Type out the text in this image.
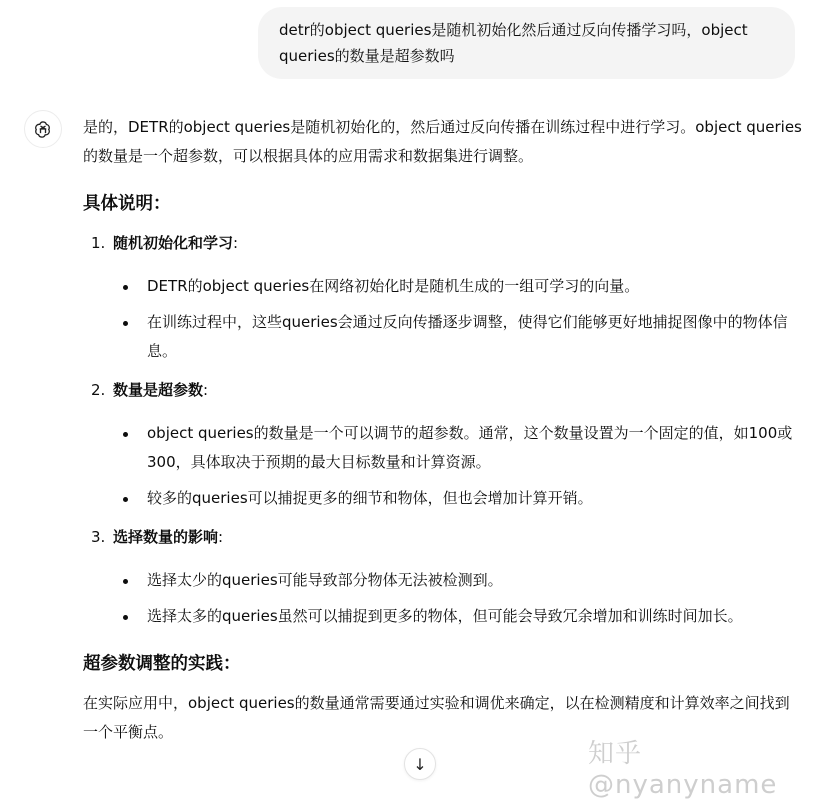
detr的object queries是随机初始化然后通过反向传播学习吗，object queries的数量是超参数吗

是的，DETR的object queries是随机初始化的，然后通过反向传播在训练过程中进行学习。object queries的数量是一个超参数，可以根据具体的应用需求和数据集进行调整。

具体说明：
1. 随机初始化和学习:
DETR的object queries在网络初始化时是随机生成的一组可学习的向量。
在训练过程中，这些queries会通过反向传播逐步调整，使得它们能够更好地捕捉图像中的物体信息。
2. 数量是超参数:
object queries的数量是一个可以调节的超参数。通常，这个数量设置为一个固定的值，如100或300，具体取决于预期的最大目标数量和计算资源。
较多的queries可以捕捉更多的细节和物体，但也会增加计算开销。
3. 选择数量的影响:
选择太少的queries可能导致部分物体无法被检测到。
选择太多的queries虽然可以捕捉到更多的物体，但可能会导致冗余增加和训练时间加长。
超参数调整的实践：

在实际应用中，object queries的数量通常需要通过实验和调优来确定，以在检测精度和计算效率之间找到一个平衡点。

↓	知乎 @nyanyname
